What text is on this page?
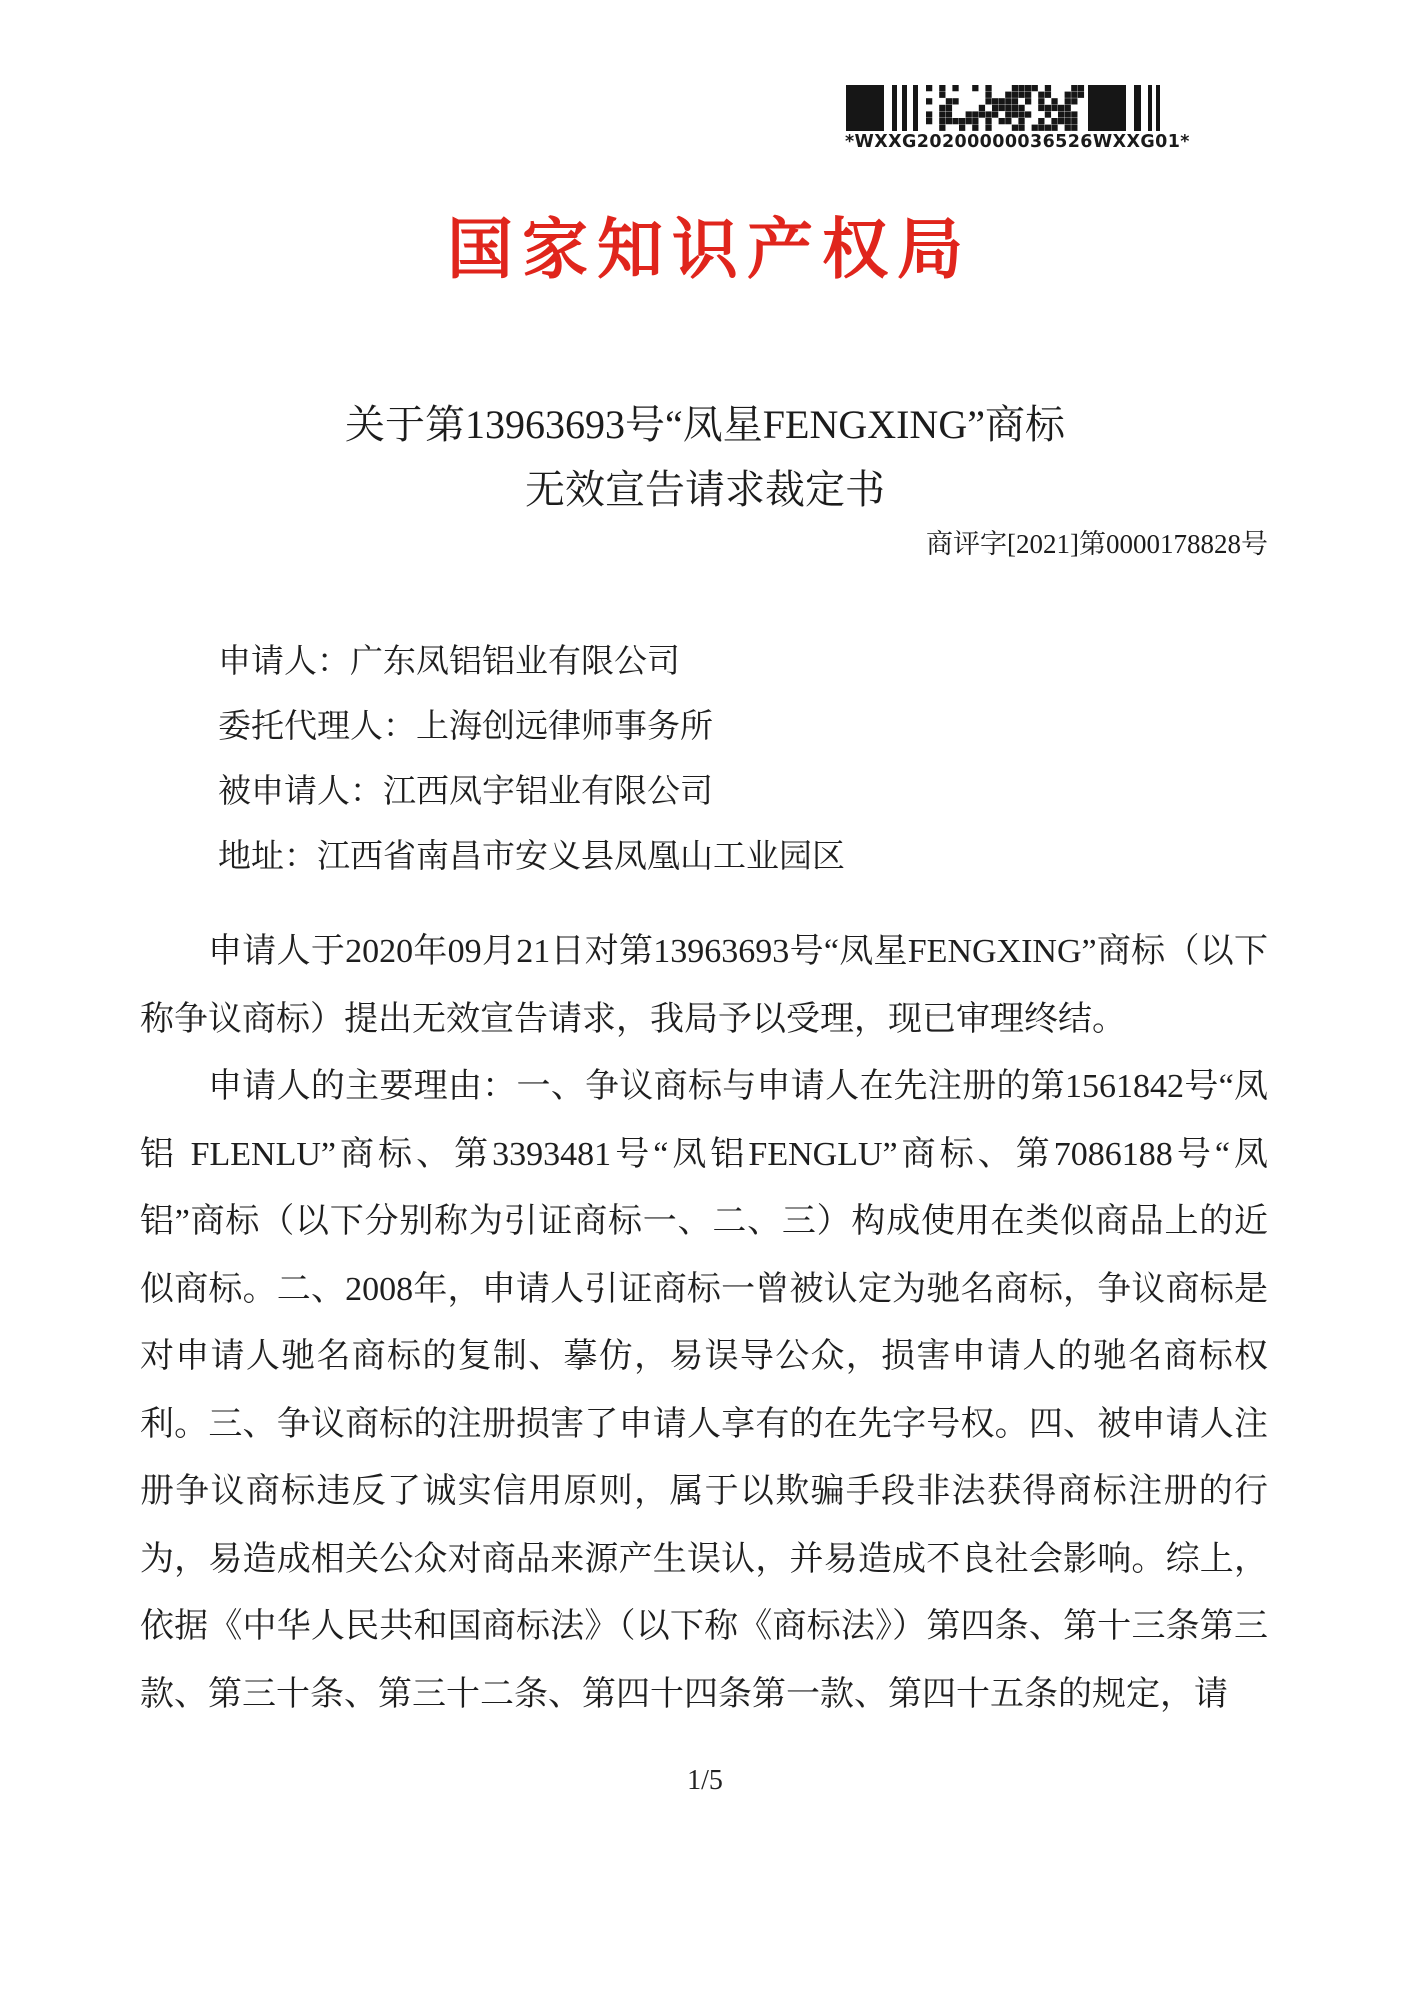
*WXXG20200000036526WXXG01*
国家知识产权局
关于第13963693号“凤星FENGXING”商标
无效宣告请求裁定书
商评字[2021]第0000178828号

申请人：广东凤铝铝业有限公司

委托代理人：上海创远律师事务所

被申请人：江西凤宇铝业有限公司

地址：江西省南昌市安义县凤凰山工业园区

申请人于2020年09月21日对第13963693号“凤星FENGXING”商标（以下称争议商标）提出无效宣告请求，我局予以受理，现已审理终结。

申请人的主要理由：一、争议商标与申请人在先注册的第1561842号“凤铝 FLENLU”商标、第3393481号“凤铝FENGLU”商标、第7086188号“凤铝”商标（以下分别称为引证商标一、二、三）构成使用在类似商品上的近似商标。二、2008年，申请人引证商标一曾被认定为驰名商标，争议商标是对申请人驰名商标的复制、摹仿，易误导公众，损害申请人的驰名商标权利。三、争议商标的注册损害了申请人享有的在先字号权。四、被申请人注册争议商标违反了诚实信用原则，属于以欺骗手段非法获得商标注册的行为，易造成相关公众对商品来源产生误认，并易造成不良社会影响。综上，依据《中华人民共和国商标法》（以下称《商标法》）第四条、第十三条第三款、第三十条、第三十二条、第四十四条第一款、第四十五条的规定，请

1/5
